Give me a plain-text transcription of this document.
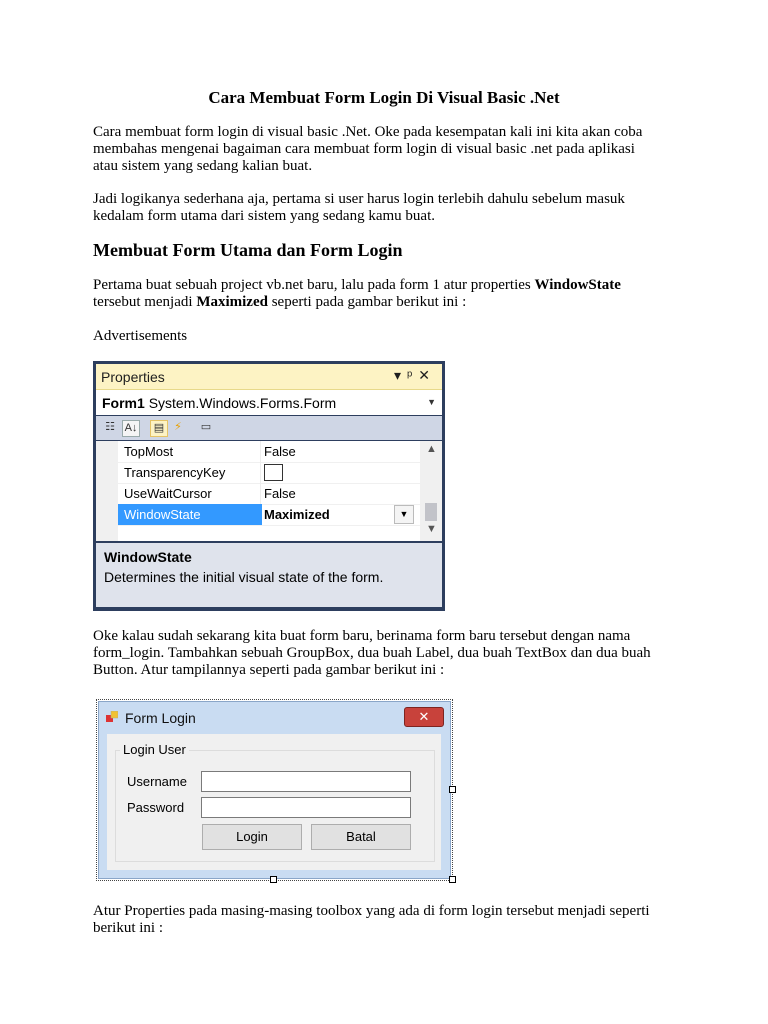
Cara Membuat Form Login Di Visual Basic .Net

Cara membuat form login di visual basic .Net. Oke pada kesempatan kali ini kita akan coba

membahas mengenai bagaiman cara membuat form login di visual basic .net pada aplikasi

atau sistem yang sedang kalian buat.

Jadi logikanya sederhana aja, pertama si user harus login terlebih dahulu sebelum masuk

kedalam form utama dari sistem yang sedang kamu buat.

Membuat Form Utama dan Form Login

Pertama buat sebuah project vb.net baru, lalu pada form 1 atur properties WindowState

tersebut menjadi Maximized seperti pada gambar berikut ini :

Advertisements
Properties	▾ᵖ✕
Form1 System.Windows.Forms.Form	▼
☷ A↓	▤ ⚡	▭
TopMost	False
TransparencyKey
UseWaitCursor	False
WindowState	Maximized	▼
▲
▼
WindowState
Determines the initial visual state of the form.

Oke kalau sudah sekarang kita buat form baru, berinama form baru tersebut dengan nama

form_login. Tambahkan sebuah GroupBox, dua buah Label, dua buah TextBox dan dua buah

Button. Atur tampilannya seperti pada gambar berikut ini :

Form Login	✕
Login User
Username
Password
Login	Batal

Atur Properties pada masing-masing toolbox yang ada di form login tersebut menjadi seperti

berikut ini :
